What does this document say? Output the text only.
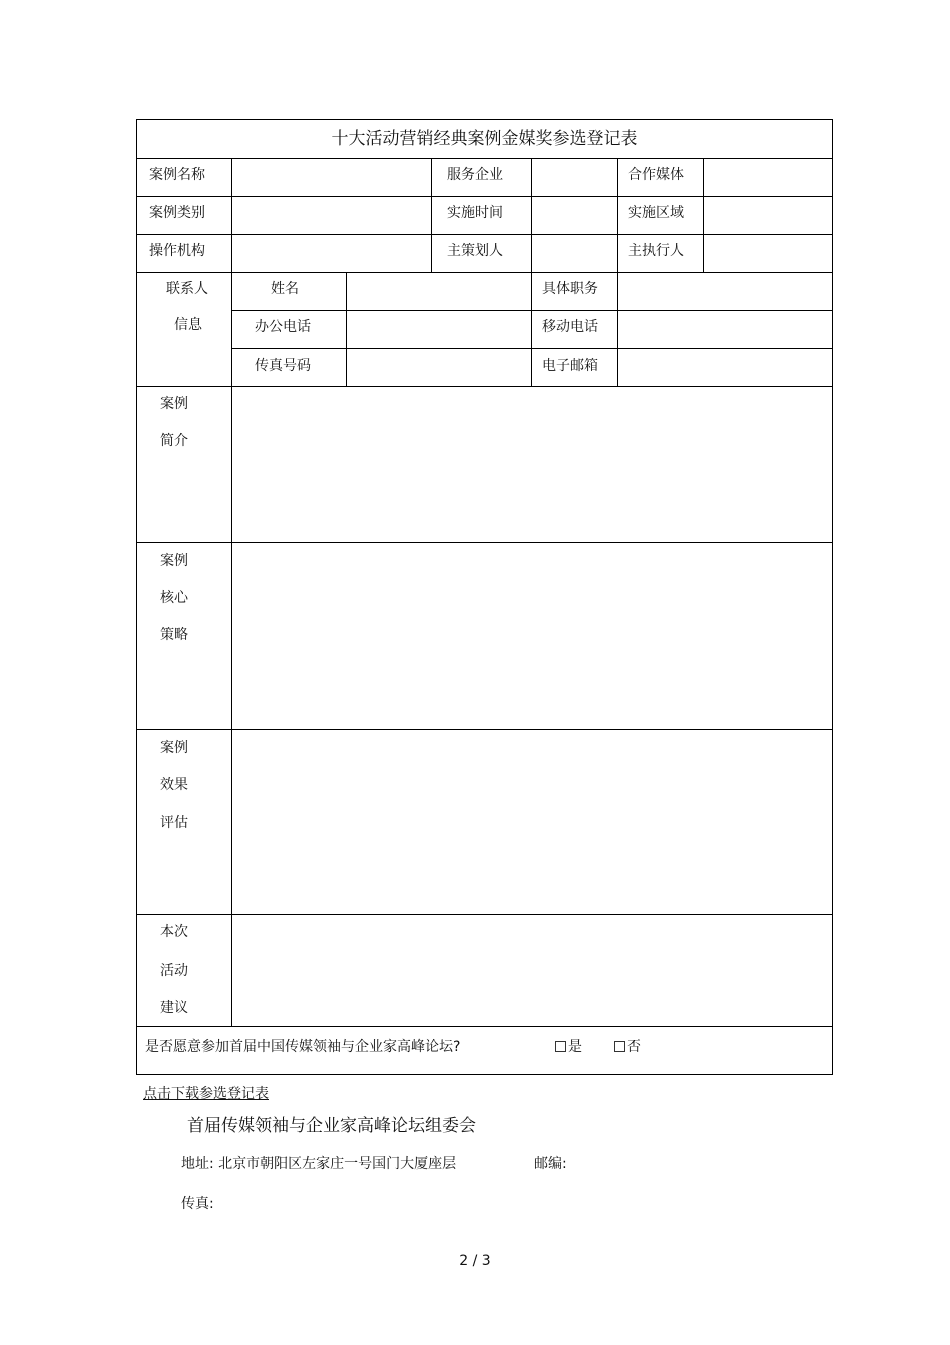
十大活动营销经典案例金媒奖参选登记表
案例名称	服务企业	合作媒体
案例类别	实施时间	实施区域
操作机构	主策划人	主执行人
联系人
信息
姓名	具体职务
办公电话	移动电话
传真号码	电子邮箱
案例
简介
案例
核心
策略
案例
效果
评估
本次
活动
建议
是否愿意参加首届中国传媒领袖与企业家高峰论坛?	是	否
点击下载参选登记表
首届传媒领袖与企业家高峰论坛组委会
地址: 北京市朝阳区左家庄一号国门大厦座层	邮编:
传真:
2 / 3
